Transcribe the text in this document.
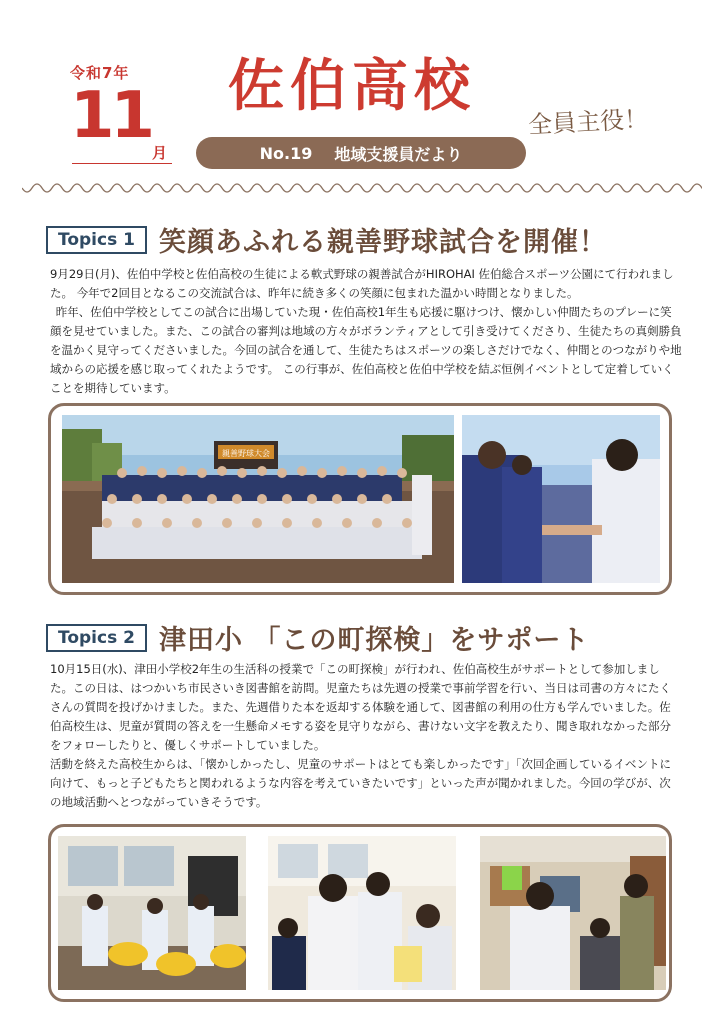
令和7年
11 月
佐伯高校
全員主役！
No.19 地域支援員だより
Topics 1 笑顔あふれる親善野球試合を開催！

9月29日(月)、佐伯中学校と佐伯高校の生徒による軟式野球の親善試合がHIROHAI 佐伯総合スポーツ公園にて行われました。 今年で2回目となるこの交流試合は、昨年に続き多くの笑顔に包まれた温かい時間となりました。

昨年、佐伯中学校としてこの試合に出場していた現・佐伯高校1年生も応援に駆けつけ、懐かしい仲間たちのプレーに笑顔を見せていました。また、この試合の審判は地域の方々がボランティアとして引き受けてくださり、生徒たちの真剣勝負を温かく見守ってくださいました。今回の試合を通して、生徒たちはスポーツの楽しさだけでなく、仲間とのつながりや地域からの応援を感じ取ってくれたようです。 この行事が、佐伯高校と佐伯中学校を結ぶ恒例イベントとして定着していくことを期待しています。

親善野球大会
Topics 2 津田小 「この町探検」をサポート

10月15日(水)、津田小学校2年生の生活科の授業で「この町探検」が行われ、佐伯高校生がサポートとして参加しました。この日は、はつかいち市民さいき図書館を訪問。児童たちは先週の授業で事前学習を行い、当日は司書の方々にたくさんの質問を投げかけました。また、先週借りた本を返却する体験を通して、図書館の利用の仕方も学んでいました。佐伯高校生は、児童が質問の答えを一生懸命メモする姿を見守りながら、書けない文字を教えたり、聞き取れなかった部分をフォローしたりと、優しくサポートしていました。

活動を終えた高校生からは、「懐かしかったし、児童のサポートはとても楽しかったです」「次回企画しているイベントに向けて、もっと子どもたちと関われるような内容を考えていきたいです」といった声が聞かれました。今回の学びが、次の地域活動へとつながっていきそうです。
